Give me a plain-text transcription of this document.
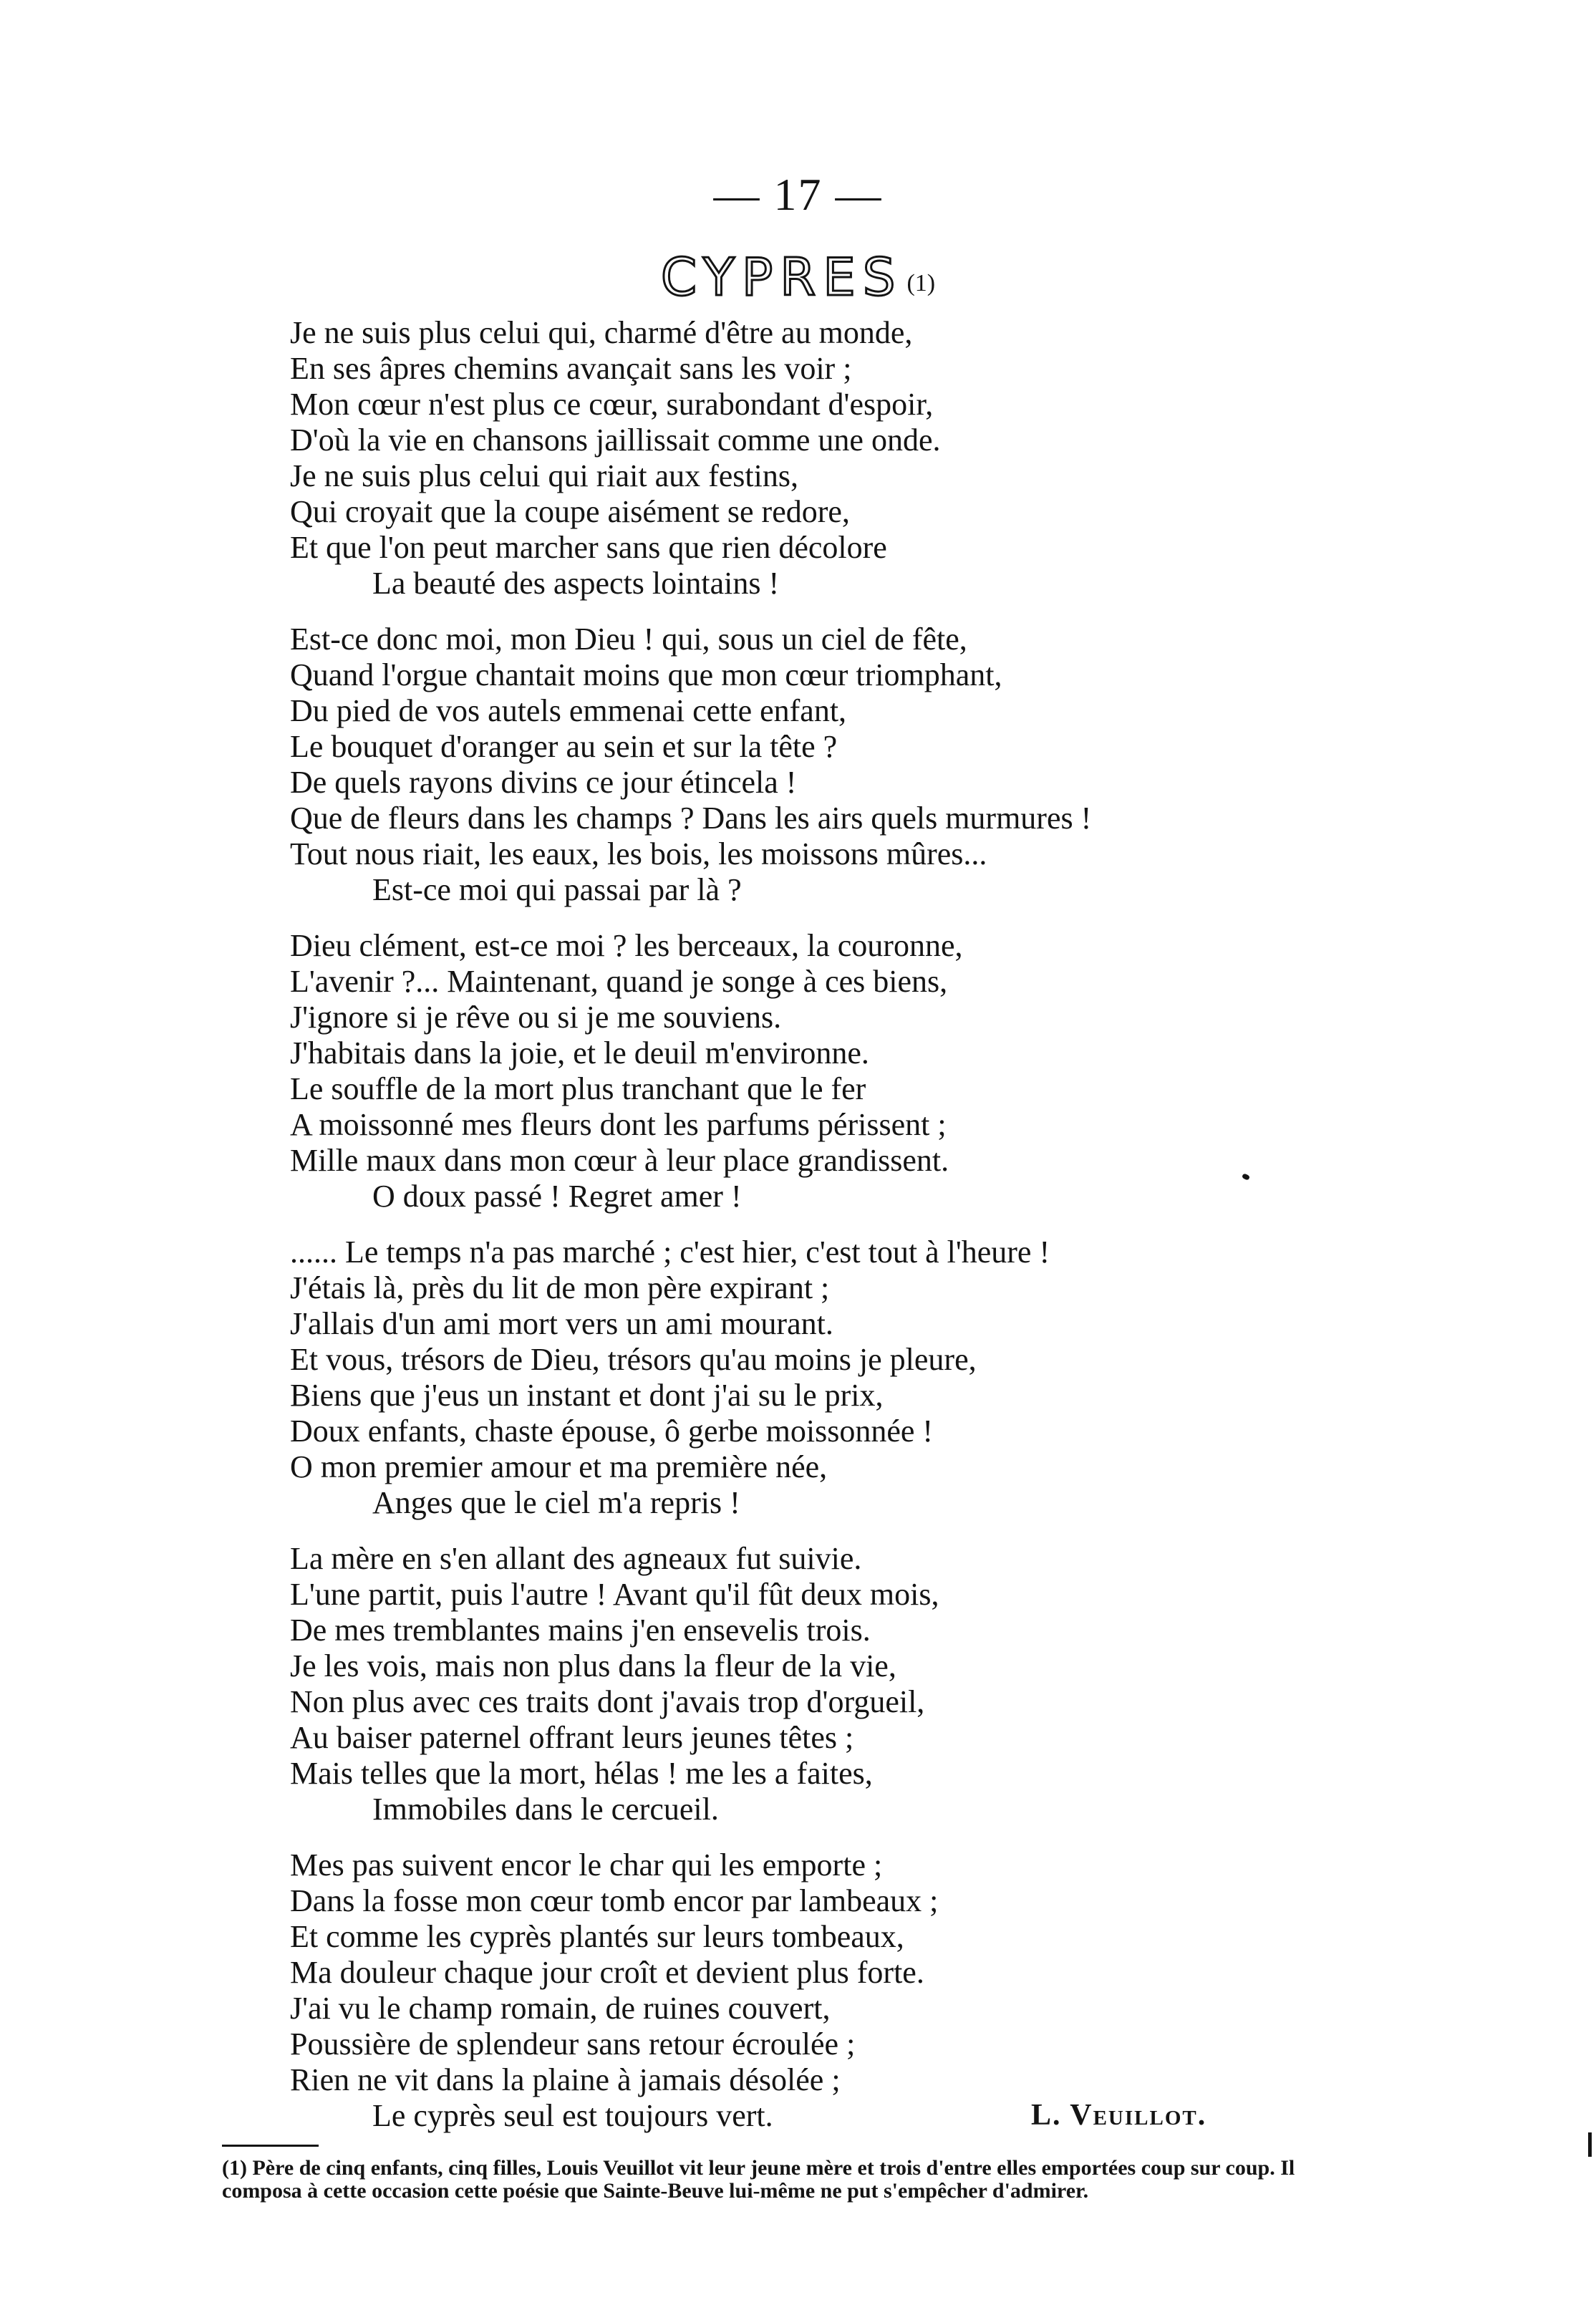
— 17 —
CYPRES (1)
Je ne suis plus celui qui, charmé d'être au monde,
En ses âpres chemins avançait sans les voir ;
Mon cœur n'est plus ce cœur, surabondant d'espoir,
D'où la vie en chansons jaillissait comme une onde.
Je ne suis plus celui qui riait aux festins,
Qui croyait que la coupe aisément se redore,
Et que l'on peut marcher sans que rien décolore
La beauté des aspects lointains !
Est-ce donc moi, mon Dieu ! qui, sous un ciel de fête,
Quand l'orgue chantait moins que mon cœur triomphant,
Du pied de vos autels emmenai cette enfant,
Le bouquet d'oranger au sein et sur la tête ?
De quels rayons divins ce jour étincela !
Que de fleurs dans les champs ? Dans les airs quels murmures !
Tout nous riait, les eaux, les bois, les moissons mûres...
Est-ce moi qui passai par là ?
Dieu clément, est-ce moi ? les berceaux, la couronne,
L'avenir ?... Maintenant, quand je songe à ces biens,
J'ignore si je rêve ou si je me souviens.
J'habitais dans la joie, et le deuil m'environne.
Le souffle de la mort plus tranchant que le fer
A moissonné mes fleurs dont les parfums périssent ;
Mille maux dans mon cœur à leur place grandissent.
O doux passé ! Regret amer !
...... Le temps n'a pas marché ; c'est hier, c'est tout à l'heure !
J'étais là, près du lit de mon père expirant ;
J'allais d'un ami mort vers un ami mourant.
Et vous, trésors de Dieu, trésors qu'au moins je pleure,
Biens que j'eus un instant et dont j'ai su le prix,
Doux enfants, chaste épouse, ô gerbe moissonnée !
O mon premier amour et ma première née,
Anges que le ciel m'a repris !
La mère en s'en allant des agneaux fut suivie.
L'une partit, puis l'autre ! Avant qu'il fût deux mois,
De mes tremblantes mains j'en ensevelis trois.
Je les vois, mais non plus dans la fleur de la vie,
Non plus avec ces traits dont j'avais trop d'orgueil,
Au baiser paternel offrant leurs jeunes têtes ;
Mais telles que la mort, hélas ! me les a faites,
Immobiles dans le cercueil.
Mes pas suivent encor le char qui les emporte ;
Dans la fosse mon cœur tomb encor par lambeaux ;
Et comme les cyprès plantés sur leurs tombeaux,
Ma douleur chaque jour croît et devient plus forte.
J'ai vu le champ romain, de ruines couvert,
Poussière de splendeur sans retour écroulée ;
Rien ne vit dans la plaine à jamais désolée ;
Le cyprès seul est toujours vert.	L. Veuillot.
(1) Père de cinq enfants, cinq filles, Louis Veuillot vit leur jeune mère et trois d'entre elles emportées coup sur coup. Il composa à cette occasion cette poésie que Sainte-Beuve lui-même ne put s'empêcher d'admirer.
